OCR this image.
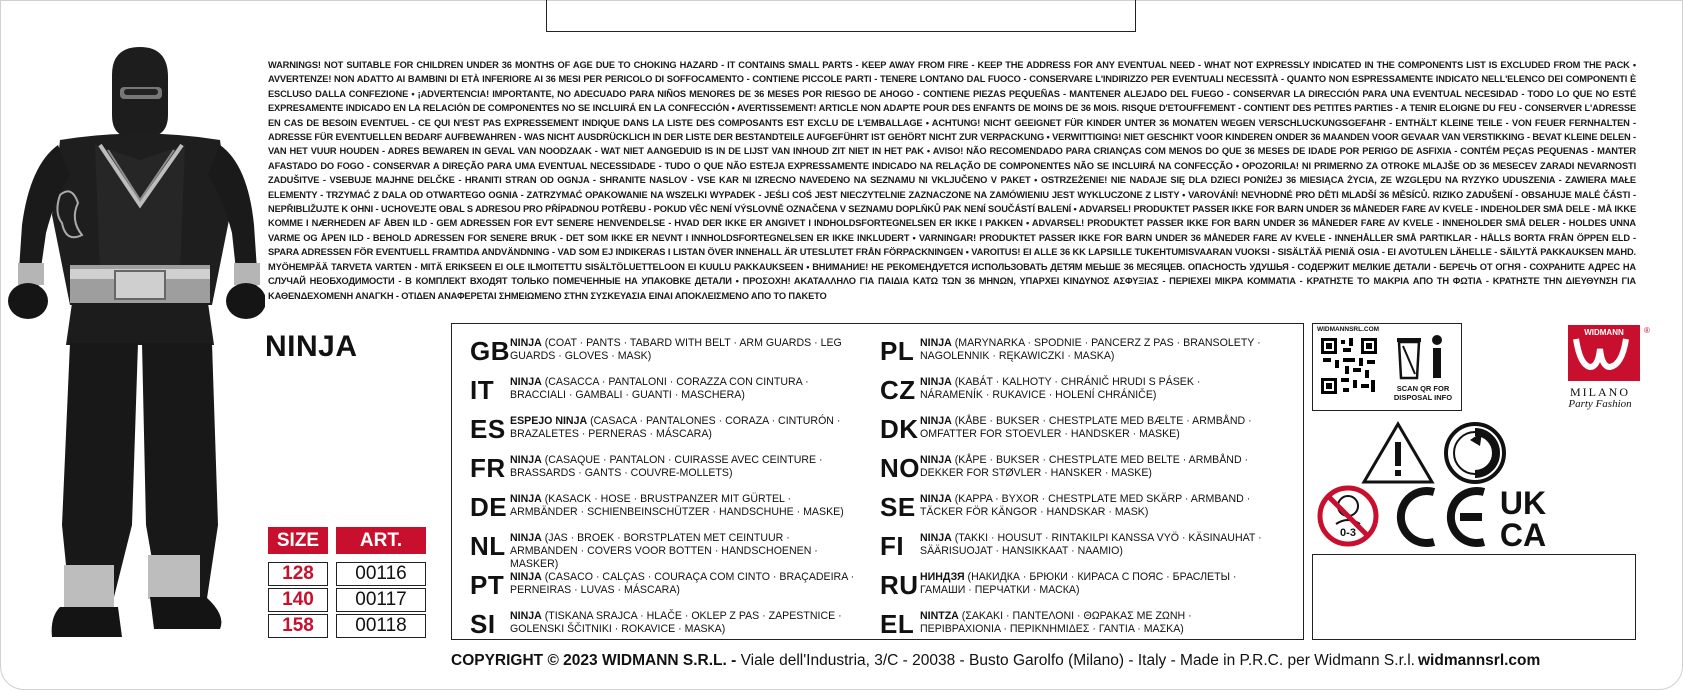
WARNINGS! NOT SUITABLE FOR CHILDREN UNDER 36 MONTHS OF AGE DUE TO CHOKING HAZARD - IT CONTAINS SMALL PARTS - KEEP AWAY FROM FIRE - KEEP THE ADDRESS FOR ANY EVENTUAL NEED - WHAT NOT EXPRESSLY INDICATED IN THE COMPONENTS LIST IS EXCLUDED FROM THE PACK • AVVERTENZE! NON ADATTO AI BAMBINI DI ETÀ INFERIORE AI 36 MESI PER PERICOLO DI SOFFOCAMENTO - CONTIENE PICCOLE PARTI - TENERE LONTANO DAL FUOCO - CONSERVARE L'INDIRIZZO PER EVENTUALI NECESSITÀ - QUANTO NON ESPRESSAMENTE INDICATO NELL'ELENCO DEI COMPONENTI È ESCLUSO DALLA CONFEZIONE • ¡ADVERTENCIA! IMPORTANTE, NO ADECUADO PARA NIÑOS MENORES DE 36 MESES POR RIESGO DE AHOGO - CONTIENE PIEZAS PEQUEÑAS - MANTENER ALEJADO DEL FUEGO - CONSERVAR LA DIRECCIÓN PARA UNA EVENTUAL NECESIDAD - TODO LO QUE NO ESTÉ EXPRESAMENTE INDICADO EN LA RELACIÓN DE COMPONENTES NO SE INCLUIRÁ EN LA CONFECCIÓN • AVERTISSEMENT! ARTICLE NON ADAPTE POUR DES ENFANTS DE MOINS DE 36 MOIS. RISQUE D'ETOUFFEMENT - CONTIENT DES PETITES PARTIES - A TENIR ELOIGNE DU FEU - CONSERVER L'ADRESSE EN CAS DE BESOIN EVENTUEL - CE QUI N'EST PAS EXPRESSEMENT INDIQUE DANS LA LISTE DES COMPOSANTS EST EXCLU DE L'EMBALLAGE • ACHTUNG! NICHT GEEIGNET FÜR KINDER UNTER 36 MONATEN WEGEN VERSCHLUCKUNGSGEFAHR - ENTHÄLT KLEINE TEILE - VON FEUER FERNHALTEN - ADRESSE FÜR EVENTUELLEN BEDARF AUFBEWAHREN - WAS NICHT AUSDRÜCKLICH IN DER LISTE DER BESTANDTEILE AUFGEFÜHRT IST GEHÖRT NICHT ZUR VERPACKUNG • VERWITTIGING! NIET GESCHIKT VOOR KINDEREN ONDER 36 MAANDEN VOOR GEVAAR VAN VERSTIKKING - BEVAT KLEINE DELEN - VAN HET VUUR HOUDEN - ADRES BEWAREN IN GEVAL VAN NOODZAAK - WAT NIET AANGEDUID IS IN DE LIJST VAN INHOUD ZIT NIET IN HET PAK • AVISO! NÃO RECOMENDADO PARA CRIANÇAS COM MENOS DO QUE 36 MESES DE IDADE POR PERIGO DE ASFIXIA - CONTÉM PEÇAS PEQUENAS - MANTER AFASTADO DO FOGO - CONSERVAR A DIREÇÃO PARA UMA EVENTUAL NECESSIDADE - TUDO O QUE NÃO ESTEJA EXPRESSAMENTE INDICADO NA RELAÇÃO DE COMPONENTES NÃO SE INCLUIRÁ NA CONFECÇÃO • OPOZORILA! NI PRIMERNO ZA OTROKE MLAJŠE OD 36 MESECEV ZARADI NEVARNOSTI ZADUŠITVE - VSEBUJE MAJHNE DELČKE - HRANITI STRAN OD OGNJA - SHRANITE NASLOV - VSE KAR NI IZRECNO NAVEDENO NA SEZNAMU NI VKLJUČENO V PAKET • OSTRZEŻENIE! NIE NADAJE SIĘ DLA DZIECI PONIŻEJ 36 MIESIĄCA ŻYCIA, ZE WZGLĘDU NA RYZYKO UDUSZENIA - ZAWIERA MAŁE ELEMENTY - TRZYMAĆ Z DALA OD OTWARTEGO OGNIA - ZATRZYMAĆ OPAKOWANIE NA WSZELKI WYPADEK - JEŚLI COŚ JEST NIECZYTELNIE ZAZNACZONE NA ZAMÓWIENIU JEST WYKLUCZONE Z LISTY • VAROVÁNÍ! NEVHODNÉ PRO DĚTI MLADŠÍ 36 MĚSÍCŮ. RIZIKO ZADUŠENÍ - OBSAHUJE MALÉ ČÁSTI - NEPŘIBLIŽUJTE K OHNI - UCHOVEJTE OBAL S ADRESOU PRO PŘÍPADNOU POTŘEBU - POKUD VĚC NENÍ VÝSLOVNĚ OZNAČENA V SEZNAMU DOPLŇKŮ PAK NENÍ SOUČÁSTÍ BALENÍ • ADVARSEL! PRODUKTET PASSER IKKE FOR BARN UNDER 36 MÅNEDER FARE AV KVELE - INDEHOLDER SMÅ DELE - MÅ IKKE KOMME I NÆRHEDEN AF ÅBEN ILD - GEM ADRESSEN FOR EVT SENERE HENVENDELSE - HVAD DER IKKE ER ANGIVET I INDHOLDSFORTEGNELSEN ER IKKE I PAKKEN • ADVARSEL! PRODUKTET PASSER IKKE FOR BARN UNDER 36 MÅNEDER FARE AV KVELE - INNEHOLDER SMÅ DELER - HOLDES UNNA VARME OG ÅPEN ILD - BEHOLD ADRESSEN FOR SENERE BRUK - DET SOM IKKE ER NEVNT I INNHOLDSFORTEGNELSEN ER IKKE INKLUDERT • VARNINGAR! PRODUKTET PASSER IKKE FOR BARN UNDER 36 MÅNEDER FARE AV KVELE - INNEHÅLLER SMÅ PARTIKLAR - HÅLLS BORTA FRÅN ÖPPEN ELD - SPARA ADRESSEN FÖR EVENTUELL FRAMTIDA ANDVÄNDNING - VAD SOM EJ INDIKERAS I LISTAN ÖVER INNEHALL ÄR UTESLUTET FRÅN FÖRPACKNINGEN • VAROITUS! EI ALLE 36 KK LAPSILLE TUKEHTUMISVAARAN VUOKSI - SISÄLTÄÄ PIENIÄ OSIA - EI AVOTULEN LÄHELLE - SÄILYTÄ PAKKAUKSEN MAHD. MYÖHEMPÄÄ TARVETA VARTEN - MITÄ ERIKSEEN EI OLE ILMOITETTU SISÄLTÖLUETTELOON EI KUULU PAKKAUKSEEN • ВНИМАНИЕ! НЕ РЕКОМЕНДУЕТСЯ ИСПОЛЬЗОВАТЬ ДЕТЯМ МЕЬШЕ 36 МЕСЯЦЕВ. ОПАСНОСТЬ УДУШЬЯ - СОДЕРЖИТ МЕЛКИЕ ДЕТАЛИ - БЕРЕЧЬ ОТ ОГНЯ - СОХРАНИТЕ АДРЕС НА СЛУЧАЙ НЕОБХОДИМОСТИ - В КОМПЛЕКТ ВХОДЯТ ТОЛЬКО ПОМЕЧЕННЫЕ НА УПАКОВКЕ ДЕТАЛИ • ΠΡΟΣΟΧΗ! ΑΚΑΤΑΛΛΗΛΟ ΓΙΑ ΠΑΙΔΙΑ ΚΑΤΩ ΤΩΝ 36 ΜΗΝΩΝ, ΥΠΑΡΧΕΙ ΚΙΝΔΥΝΟΣ ΑΣΦΥΞΙΑΣ - ΠΕΡΙΕΧΕΙ ΜΙΚΡΑ ΚΟΜΜΑΤΙΑ - ΚΡΑΤΗΣΤΕ ΤΟ ΜΑΚΡΙΑ ΑΠΟ ΤΗ ΦΩΤΙΑ - ΚΡΑΤΗΣΤΕ ΤΗΝ ΔΙΕΥΘΥΝΣΗ ΓΙΑ ΚΑΘΕΝΔΕΧΟΜΕΝΗ ΑΝΑΓΚΗ - ΟΤΙΔΕΝ ΑΝΑΦΕΡΕΤΑΙ ΣΗΜΕΙΩΜΕΝΟ ΣΤΗΝ ΣΥΣΚΕΥΑΣΙΑ ΕΙΝΑΙ ΑΠΟΚΛΕΙΣΜΕΝΟ ΑΠΟ ΤΟ ΠΑΚΕΤΟ
NINJA
SIZE	ART.
128	00116
140	00117
158	00118
GB NINJA (COAT · PANTS · TABARD WITH BELT · ARM GUARDS · LEG GUARDS · GLOVES · MASK)
IT NINJA (CASACCA · PANTALONI · CORAZZA CON CINTURA · BRACCIALI · GAMBALI · GUANTI · MASCHERA)
ES ESPEJO NINJA (CASACA · PANTALONES · CORAZA · CINTURÓN · BRAZALETES · PERNERAS · MÁSCARA)
FR NINJA (CASAQUE · PANTALON · CUIRASSE AVEC CEINTURE · BRASSARDS · GANTS · COUVRE-MOLLETS)
DE NINJA (KASACK · HOSE · BRUSTPANZER MIT GÜRTEL · ARMBÄNDER · SCHIENBEINSCHÜTZER · HANDSCHUHE · MASKE)
NL NINJA (JAS · BROEK · BORSTPLATEN MET CEINTUUR · ARMBANDEN · COVERS VOOR BOTTEN · HANDSCHOENEN · MASKER)
PT NINJA (CASACO · CALÇAS · COURAÇA COM CINTO · BRAÇADEIRA · PERNEIRAS · LUVAS · MÁSCARA)
SI NINJA (TISKANA SRAJCA · HLAČE · OKLEP Z PAS · ZAPESTNICE · GOLENSKI ŠČITNIKI · ROKAVICE · MASKA)
PL NINJA (MARYNARKA · SPODNIE · PANCERZ Z PAS · BRANSOLETY · NAGOLENNIK · RĘKAWICZKI · MASKA)
CZ NINJA (KABÁT · KALHOTY · CHRÁNIČ HRUDI S PÁSEK · NÁRAMENÍK · RUKAVICE · HOLENÍ CHRÁNIČE)
DK NINJA (KÅBE · BUKSER · CHESTPLATE MED BÆLTE · ARMBÅND · OMFATTER FOR STOEVLER · HANDSKER · MASKE)
NO NINJA (KÅPE · BUKSER · CHESTPLATE MED BELTE · ARMBÅND · DEKKER FOR STØVLER · HANSKER · MASKE)
SE NINJA (KAPPA · BYXOR · CHESTPLATE MED SKÄRP · ARMBAND · TÄCKER FÖR KÄNGOR · HANDSKAR · MASK)
FI NINJA (TAKKI · HOUSUT · RINTAKILPI KANSSA VYÖ · KÄSINAUHAT · SÄÄRISUOJAT · HANSIKKAAT · NAAMIO)
RU НИНДЗЯ (НАКИДКА · БРЮКИ · КИРАСА С ПОЯС · БРАСЛЕТЫ · ГАМАШИ · ПЕРЧАТКИ · МАСКА)
EL NINTZA (ΣΑΚΑΚΙ · ΠΑΝΤΕΛΟΝΙ · ΘΩΡΑΚΑΣ ΜΕ ΖΩΝΗ · ΠΕΡΙΒΡΑΧΙΟΝΙΑ · ΠΕΡΙΚΝΗΜΙΔΕΣ · ΓΑΝΤΙΑ · ΜΑΣΚΑ)
COPYRIGHT © 2023 WIDMANN S.R.L. - Viale dell'Industria, 3/C - 20038 - Busto Garolfo (Milano) - Italy - Made in P.R.C. per Widmann S.r.l. widmannsrl.com
WIDMANNSRL.COM
SCAN QR FOR DISPOSAL INFO
WIDMANN	®
MILANO
Party Fashion
0-3
UK
CA
